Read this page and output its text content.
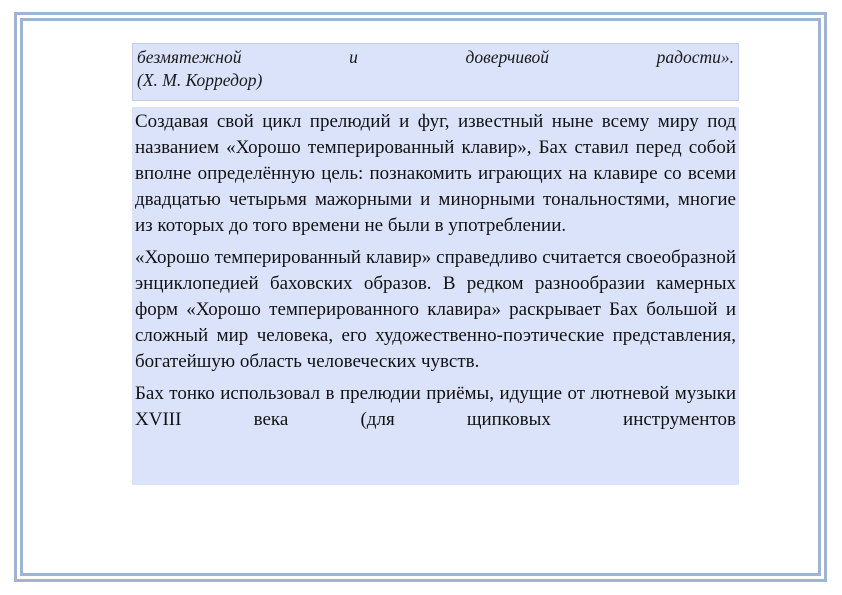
безмятежной	и	доверчивой	радости».
(Х. М. Корредор)

Создавая свой цикл прелюдий и фуг, известный ныне всему миру под названием «Хорошо темперированный клавир», Бах ставил перед собой вполне определённую цель: познакомить играющих на клавире со всеми двадцатью четырьмя мажорными и минорными тональностями, многие из которых до того времени не были в употреблении.

«Хорошо темперированный клавир» справедливо считается своеобразной энциклопедией баховских образов. В редком разнообразии камерных форм «Хорошо темперированного клавира» раскрывает Бах большой и сложный мир человека, его художественно-поэтические представления, богатейшую область человеческих чувств.

Бах тонко использовал в прелюдии приёмы, идущие от лютневой музыки XVIII века (для щипковых инструментов
